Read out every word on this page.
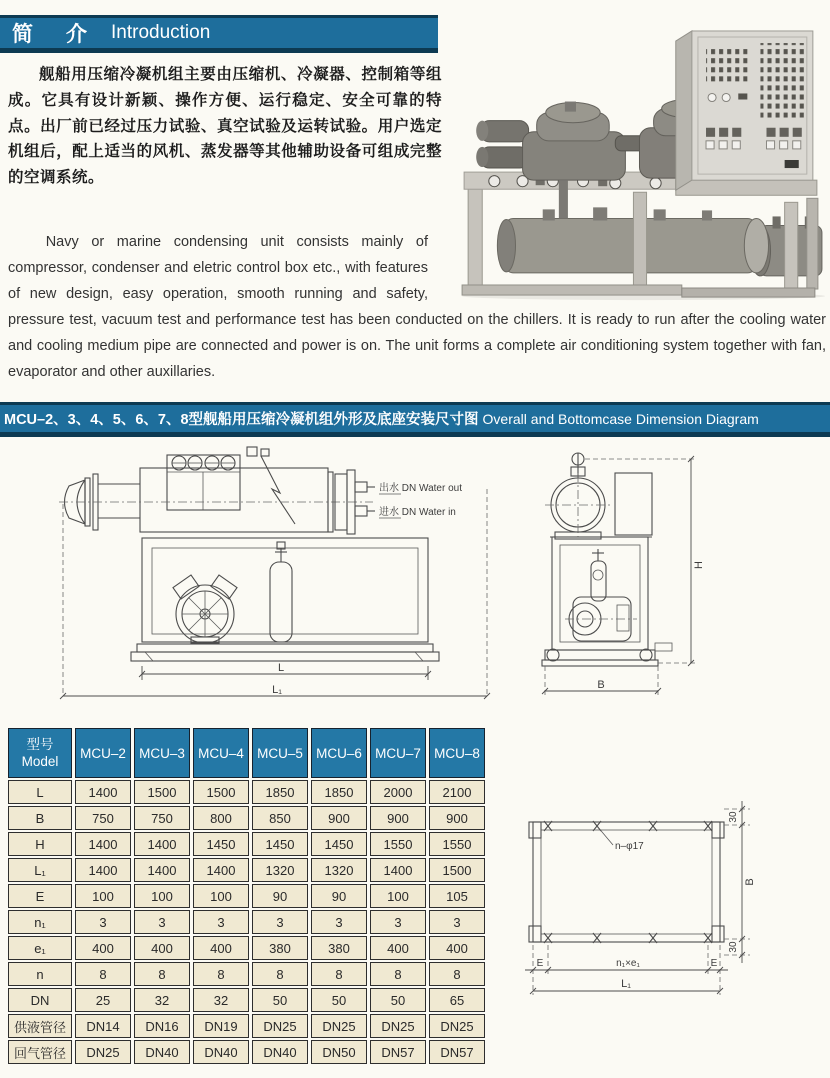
简　介 Introduction
舰船用压缩冷凝机组主要由压缩机、冷凝器、控制箱等组成。它具有设计新颖、操作方便、运行稳定、安全可靠的特点。出厂前已经过压力试验、真空试验及运转试验。用户选定机组后，配上适当的风机、蒸发器等其他辅助设备可组成完整的空调系统。
Navy or marine condensing unit consists mainly of compressor, condenser and eletric control box etc., with features of new design, easy operation, smooth running and safety, pressure test, vacuum test and performance test has been conducted on the chillers. It is ready to run after the cooling water and cooling medium pipe are connected and power is on. The unit forms a complete air conditioning system together with fan, evaporator and other auxillaries.
MCU–2、3、4、5、6、7、8型舰船用压缩冷凝机组外形及底座安装尺寸图 Overall and Bottomcase Dimension Diagram
出水 DN Water out
进水 DN Water in
L
L₁
H
B
n–φ17
30
B
30
E	n₁×e₁	E
L₁
型号
Model	MCU–2	MCU–3	MCU–4	MCU–5	MCU–6	MCU–7	MCU–8
L	1400	1500	1500	1850	1850	2000	2100
B	750	750	800	850	900	900	900
H	1400	1400	1450	1450	1450	1550	1550
L₁	1400	1400	1400	1320	1320	1400	1500
E	100	100	100	90	90	100	105
n₁	3	3	3	3	3	3	3
e₁	400	400	400	380	380	400	400
n	8	8	8	8	8	8	8
DN	25	32	32	50	50	50	65
供液管径	DN14	DN16	DN19	DN25	DN25	DN25	DN25
回气管径	DN25	DN40	DN40	DN40	DN50	DN57	DN57
